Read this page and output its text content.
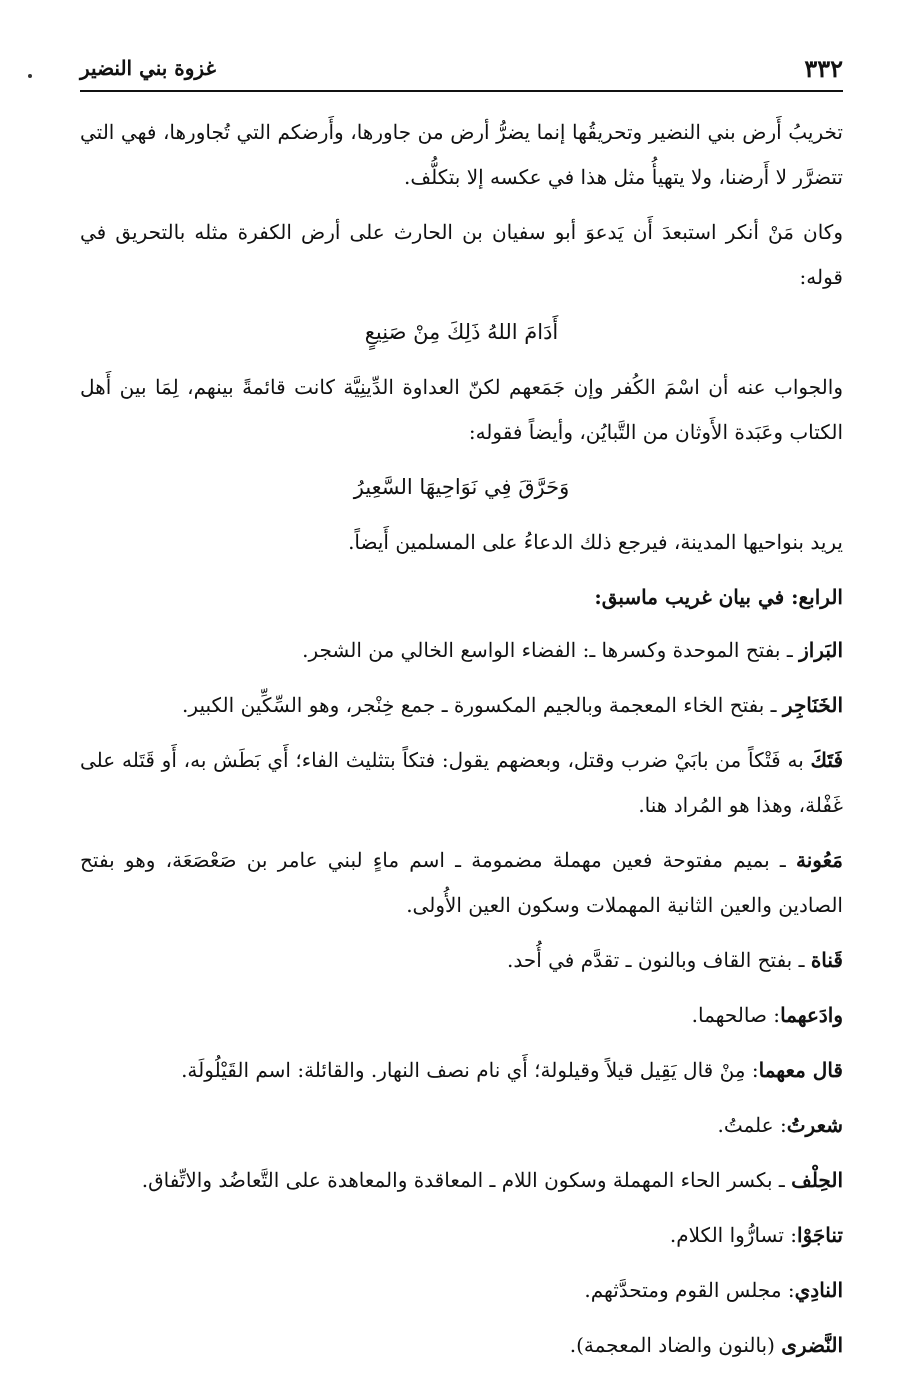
٣٣٢
غزوة بني النضير

تخريبُ أَرض بني النضير وتحريقُها إنما يضرُّ أرض من جاورها، وأَرضكم التي تُجاورها، فهي التي تتضرَّر لا أَرضنا، ولا يتهيأُ مثل هذا في عكسه إلا بتكلُّف.

وكان مَنْ أنكر استبعدَ أَن يَدعوَ أبو سفيان بن الحارث على أرض الكفرة مثله بالتحريق في قوله:

أَدَامَ اللهُ ذَلِكَ مِنْ صَنِيعٍ

والجواب عنه أن اسْمَ الكُفر وإن جَمَعهم لكنّ العداوة الدِّينِيَّة كانت قائمةً بينهم، لِمَا بين أَهل الكتاب وعَبَدة الأَوثان من التَّبايُن، وأيضاً فقوله:

وَحَرَّقَ فِي نَوَاحِيهَا السَّعِيرُ

يريد بنواحيها المدينة، فيرجع ذلك الدعاءُ على المسلمين أَيضاً.

الرابع: في بيان غريب ماسبق:

البَراز ـ بفتح الموحدة وكسرها ـ: الفضاء الواسع الخالي من الشجر.

الخَنَاجِر ـ بفتح الخاء المعجمة وبالجيم المكسورة ـ جمع خِنْجر، وهو السِّكِّين الكبير.

فَتَكَ به فَتْكاً من بابَيْ ضرب وقتل، وبعضهم يقول: فتكاً بتثليث الفاء؛ أَي بَطَش به، أَو قَتَله على غَفْلة، وهذا هو المُراد هنا.

مَعُونة ـ بميم مفتوحة فعين مهملة مضمومة ـ اسم ماءٍ لبني عامر بن صَعْصَعَة، وهو بفتح الصادين والعين الثانية المهملات وسكون العين الأُولى.

قَناة ـ بفتح القاف وبالنون ـ تقدَّم في أُحد.

وادَعهما: صالحهما.

قال معهما: مِنْ قال يَقِيل قيلاً وقيلولة؛ أَي نام نصف النهار. والقائلة: اسم القَيْلُولَة.

شعرتُ: علمتُ.

الحِلْف ـ بكسر الحاء المهملة وسكون اللام ـ المعاقدة والمعاهدة على التَّعاضُد والاتِّفاق.

تناجَوْا: تسارُّوا الكلام.

النادِي: مجلس القوم ومتحدَّثهم.

النَّضرى (بالنون والضاد المعجمة).
